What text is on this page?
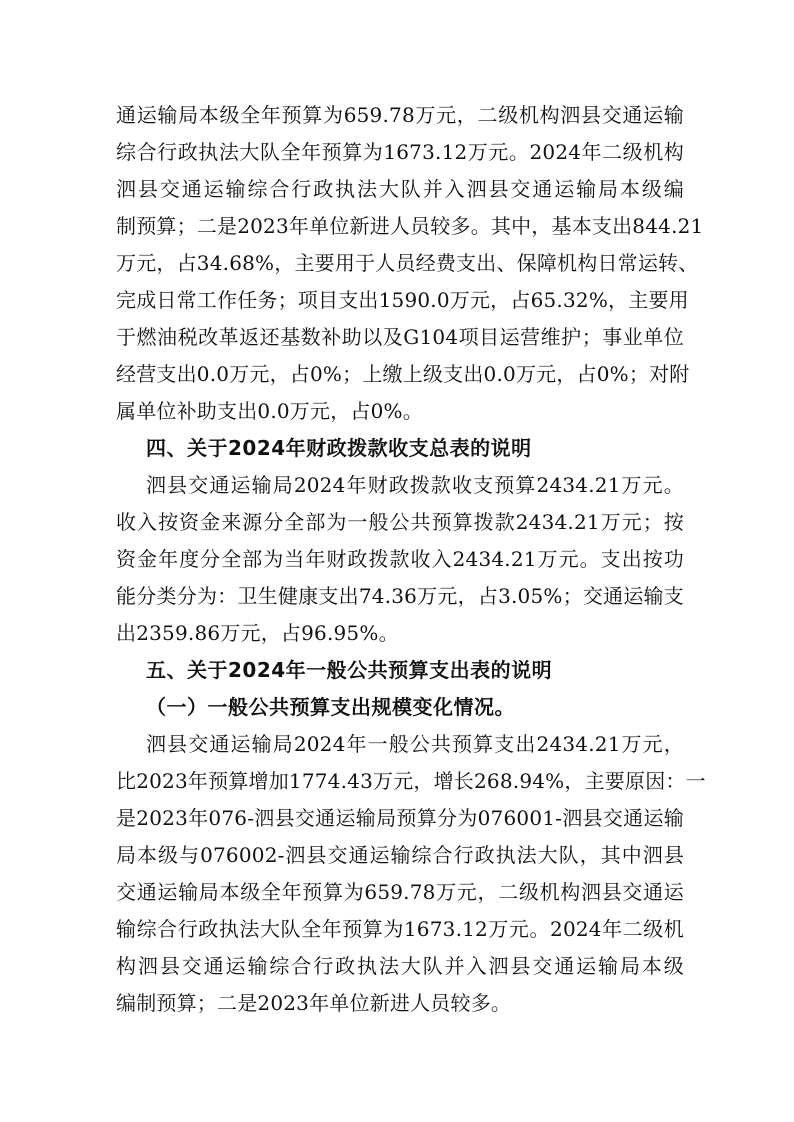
通运输局本级全年预算为659.78万元，二级机构泗县交通运输
综合行政执法大队全年预算为1673.12万元。2024年二级机构
泗县交通运输综合行政执法大队并入泗县交通运输局本级编
制预算；二是2023年单位新进人员较多。其中，基本支出844.21
万元，占34.68%，主要用于人员经费支出、保障机构日常运转、
完成日常工作任务；项目支出1590.0万元，占65.32%，主要用
于燃油税改革返还基数补助以及G104项目运营维护；事业单位
经营支出0.0万元，占0%；上缴上级支出0.0万元，占0%；对附
属单位补助支出0.0万元，占0%。
四、关于2024年财政拨款收支总表的说明
泗县交通运输局2024年财政拨款收支预算2434.21万元。
收入按资金来源分全部为一般公共预算拨款2434.21万元；按
资金年度分全部为当年财政拨款收入2434.21万元。支出按功
能分类分为：卫生健康支出74.36万元，占3.05%；交通运输支
出2359.86万元，占96.95%。
五、关于2024年一般公共预算支出表的说明
（一）一般公共预算支出规模变化情况。
泗县交通运输局2024年一般公共预算支出2434.21万元，
比2023年预算增加1774.43万元，增长268.94%，主要原因：一
是2023年076-泗县交通运输局预算分为076001-泗县交通运输
局本级与076002-泗县交通运输综合行政执法大队，其中泗县
交通运输局本级全年预算为659.78万元，二级机构泗县交通运
输综合行政执法大队全年预算为1673.12万元。2024年二级机
构泗县交通运输综合行政执法大队并入泗县交通运输局本级
编制预算；二是2023年单位新进人员较多。
